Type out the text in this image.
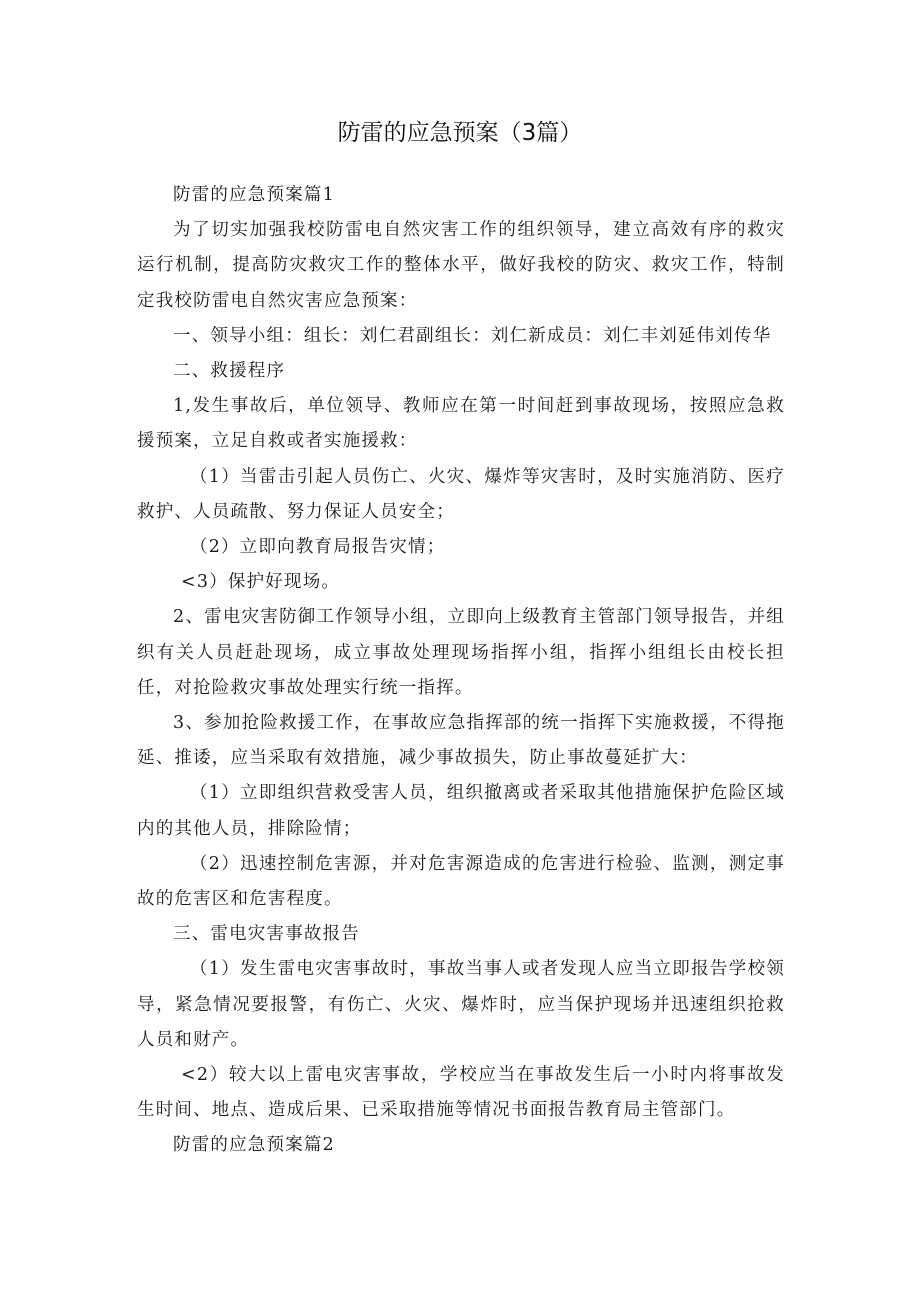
防雷的应急预案（3篇）

防雷的应急预案篇1

为了切实加强我校防雷电自然灾害工作的组织领导，建立高效有序的救灾运行机制，提高防灾救灾工作的整体水平，做好我校的防灾、救灾工作，特制定我校防雷电自然灾害应急预案：

一、领导小组：组长：刘仁君副组长：刘仁新成员：刘仁丰刘延伟刘传华

二、救援程序

1,发生事故后，单位领导、教师应在第一时间赶到事故现场，按照应急救援预案，立足自救或者实施援救：

（1）当雷击引起人员伤亡、火灾、爆炸等灾害时，及时实施消防、医疗救护、人员疏散、努力保证人员安全；

（2）立即向教育局报告灾情；

<3）保护好现场。

2、雷电灾害防御工作领导小组，立即向上级教育主管部门领导报告，并组织有关人员赶赴现场，成立事故处理现场指挥小组，指挥小组组长由校长担任，对抢险救灾事故处理实行统一指挥。

3、参加抢险救援工作，在事故应急指挥部的统一指挥下实施救援，不得拖延、推诿，应当采取有效措施，减少事故损失，防止事故蔓延扩大：

（1）立即组织营救受害人员，组织撤离或者采取其他措施保护危险区域内的其他人员，排除险情；

（2）迅速控制危害源，并对危害源造成的危害进行检验、监测，测定事故的危害区和危害程度。

三、雷电灾害事故报告

（1）发生雷电灾害事故时，事故当事人或者发现人应当立即报告学校领导，紧急情况要报警，有伤亡、火灾、爆炸时，应当保护现场并迅速组织抢救人员和财产。

<2）较大以上雷电灾害事故，学校应当在事故发生后一小时内将事故发生时间、地点、造成后果、已采取措施等情况书面报告教育局主管部门。

防雷的应急预案篇2
